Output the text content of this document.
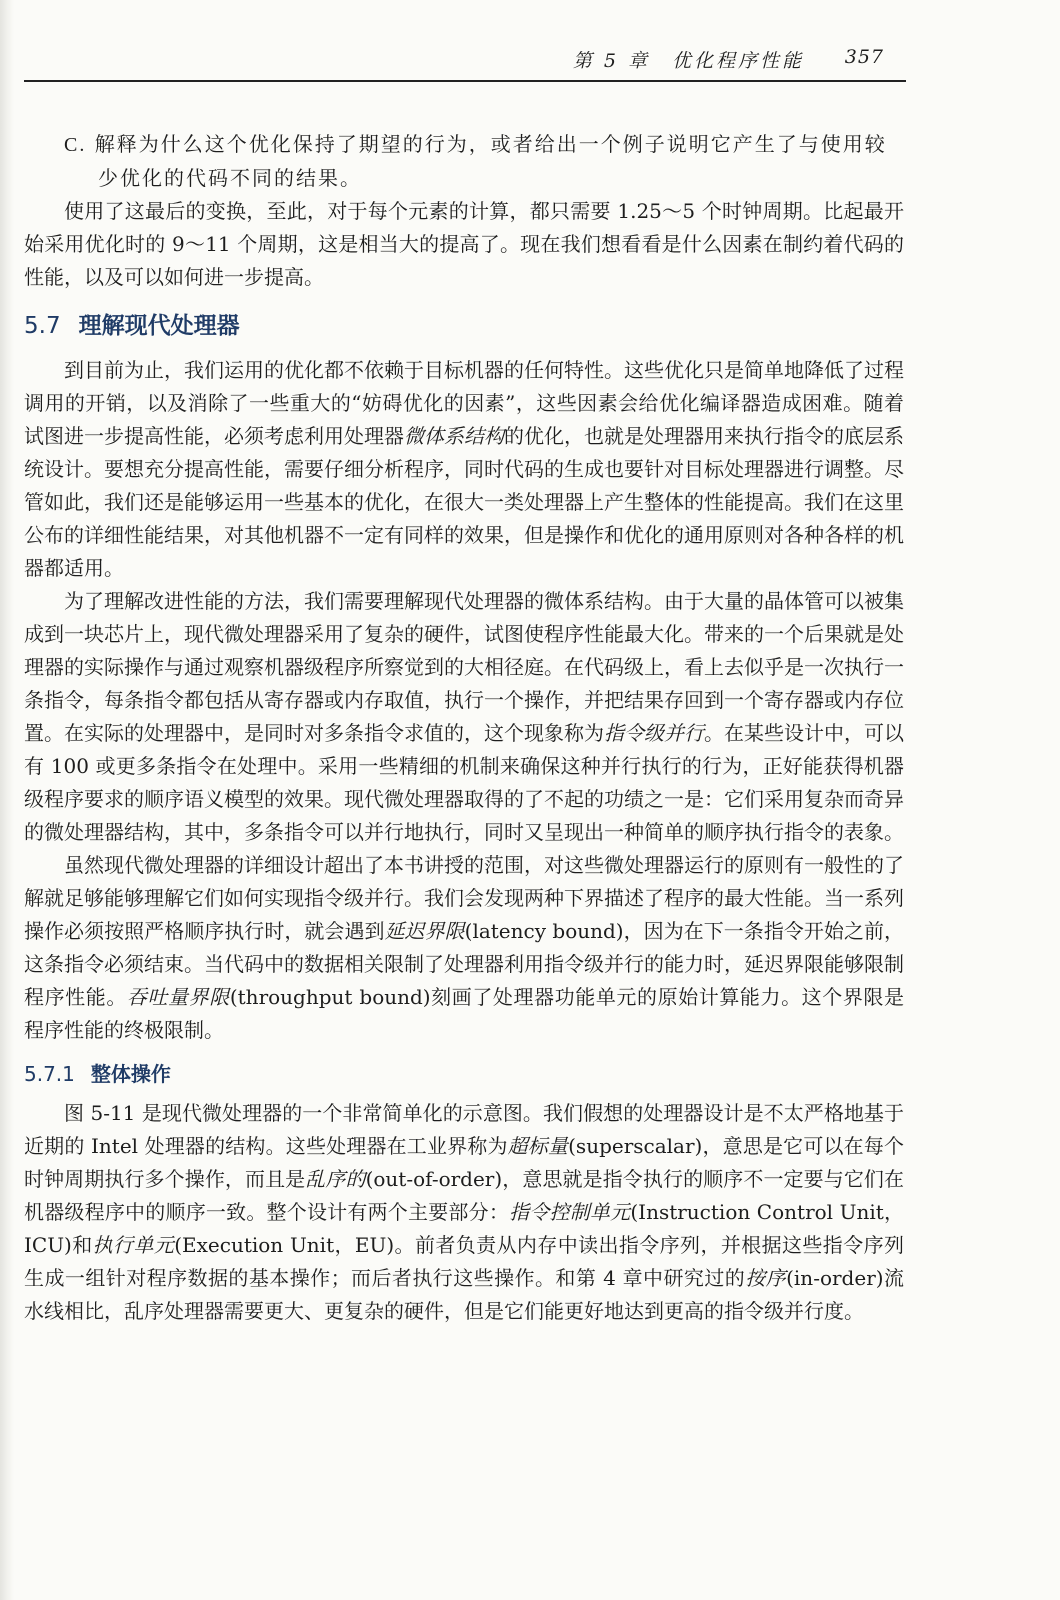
第 5 章　优化程序性能 357
C. 解释为什么这个优化保持了期望的行为，或者给出一个例子说明它产生了与使用较少优化的代码不同的结果。

使用了这最后的变换，至此，对于每个元素的计算，都只需要 1.25～5 个时钟周期。比起最开始采用优化时的 9～11 个周期，这是相当大的提高了。现在我们想看看是什么因素在制约着代码的性能，以及可以如何进一步提高。

5.7 理解现代处理器

到目前为止，我们运用的优化都不依赖于目标机器的任何特性。这些优化只是简单地降低了过程调用的开销，以及消除了一些重大的“妨碍优化的因素”，这些因素会给优化编译器造成困难。随着试图进一步提高性能，必须考虑利用处理器微体系结构的优化，也就是处理器用来执行指令的底层系统设计。要想充分提高性能，需要仔细分析程序，同时代码的生成也要针对目标处理器进行调整。尽管如此，我们还是能够运用一些基本的优化，在很大一类处理器上产生整体的性能提高。我们在这里公布的详细性能结果，对其他机器不一定有同样的效果，但是操作和优化的通用原则对各种各样的机器都适用。

为了理解改进性能的方法，我们需要理解现代处理器的微体系结构。由于大量的晶体管可以被集成到一块芯片上，现代微处理器采用了复杂的硬件，试图使程序性能最大化。带来的一个后果就是处理器的实际操作与通过观察机器级程序所察觉到的大相径庭。在代码级上，看上去似乎是一次执行一条指令，每条指令都包括从寄存器或内存取值，执行一个操作，并把结果存回到一个寄存器或内存位置。在实际的处理器中，是同时对多条指令求值的，这个现象称为指令级并行。在某些设计中，可以有 100 或更多条指令在处理中。采用一些精细的机制来确保这种并行执行的行为，正好能获得机器级程序要求的顺序语义模型的效果。现代微处理器取得的了不起的功绩之一是：它们采用复杂而奇异的微处理器结构，其中，多条指令可以并行地执行，同时又呈现出一种简单的顺序执行指令的表象。

虽然现代微处理器的详细设计超出了本书讲授的范围，对这些微处理器运行的原则有一般性的了解就足够能够理解它们如何实现指令级并行。我们会发现两种下界描述了程序的最大性能。当一系列操作必须按照严格顺序执行时，就会遇到延迟界限(latency bound)，因为在下一条指令开始之前，这条指令必须结束。当代码中的数据相关限制了处理器利用指令级并行的能力时，延迟界限能够限制程序性能。吞吐量界限(throughput bound)刻画了处理器功能单元的原始计算能力。这个界限是程序性能的终极限制。

5.7.1 整体操作

图 5-11 是现代微处理器的一个非常简单化的示意图。我们假想的处理器设计是不太严格地基于近期的 Intel 处理器的结构。这些处理器在工业界称为超标量(superscalar)，意思是它可以在每个时钟周期执行多个操作，而且是乱序的(out-of-order)，意思就是指令执行的顺序不一定要与它们在机器级程序中的顺序一致。整个设计有两个主要部分：指令控制单元(Instruction Control Unit，ICU)和执行单元(Execution Unit，EU)。前者负责从内存中读出指令序列，并根据这些指令序列生成一组针对程序数据的基本操作；而后者执行这些操作。和第 4 章中研究过的按序(in-order)流水线相比，乱序处理器需要更大、更复杂的硬件，但是它们能更好地达到更高的指令级并行度。
